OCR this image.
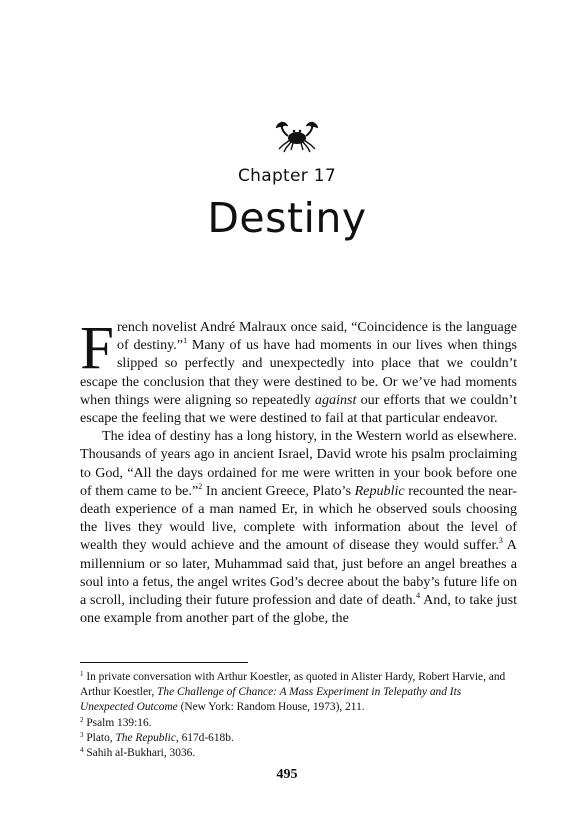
Chapter 17
Destiny

French novelist André Malraux once said, “Coincidence is the language of destiny.”$^1$ Many of us have had moments in our lives when things slipped so perfectly and unexpectedly into place that we couldn’t escape the conclusion that they were destined to be. Or we’ve had moments when things were aligning so repeatedly against our efforts that we couldn’t escape the feeling that we were destined to fail at that particular endeavor.

The idea of destiny has a long history, in the Western world as elsewhere. Thousands of years ago in ancient Israel, David wrote his psalm proclaiming to God, “All the days ordained for me were written in your book before one of them came to be.”$^2$ In ancient Greece, Plato’s Republic recounted the near-death experience of a man named Er, in which he observed souls choosing the lives they would live, complete with information about the level of wealth they would achieve and the amount of disease they would suffer.$^3$ A millennium or so later, Muhammad said that, just before an angel breathes a soul into a fetus, the angel writes God’s decree about the baby’s future life on a scroll, including their future profession and date of death.$^4$ And, to take just one example from another part of the globe, the

$^1$ In private conversation with Arthur Koestler, as quoted in Alister Hardy, Robert Harvie, and Arthur Koestler, The Challenge of Chance: A Mass Experiment in Telepathy and Its Unexpected Outcome (New York: Random House, 1973), 211.

$^2$ Psalm 139:16.

$^3$ Plato, The Republic, 617d-618b.

$^4$ Sahih al-Bukhari, 3036.

495
